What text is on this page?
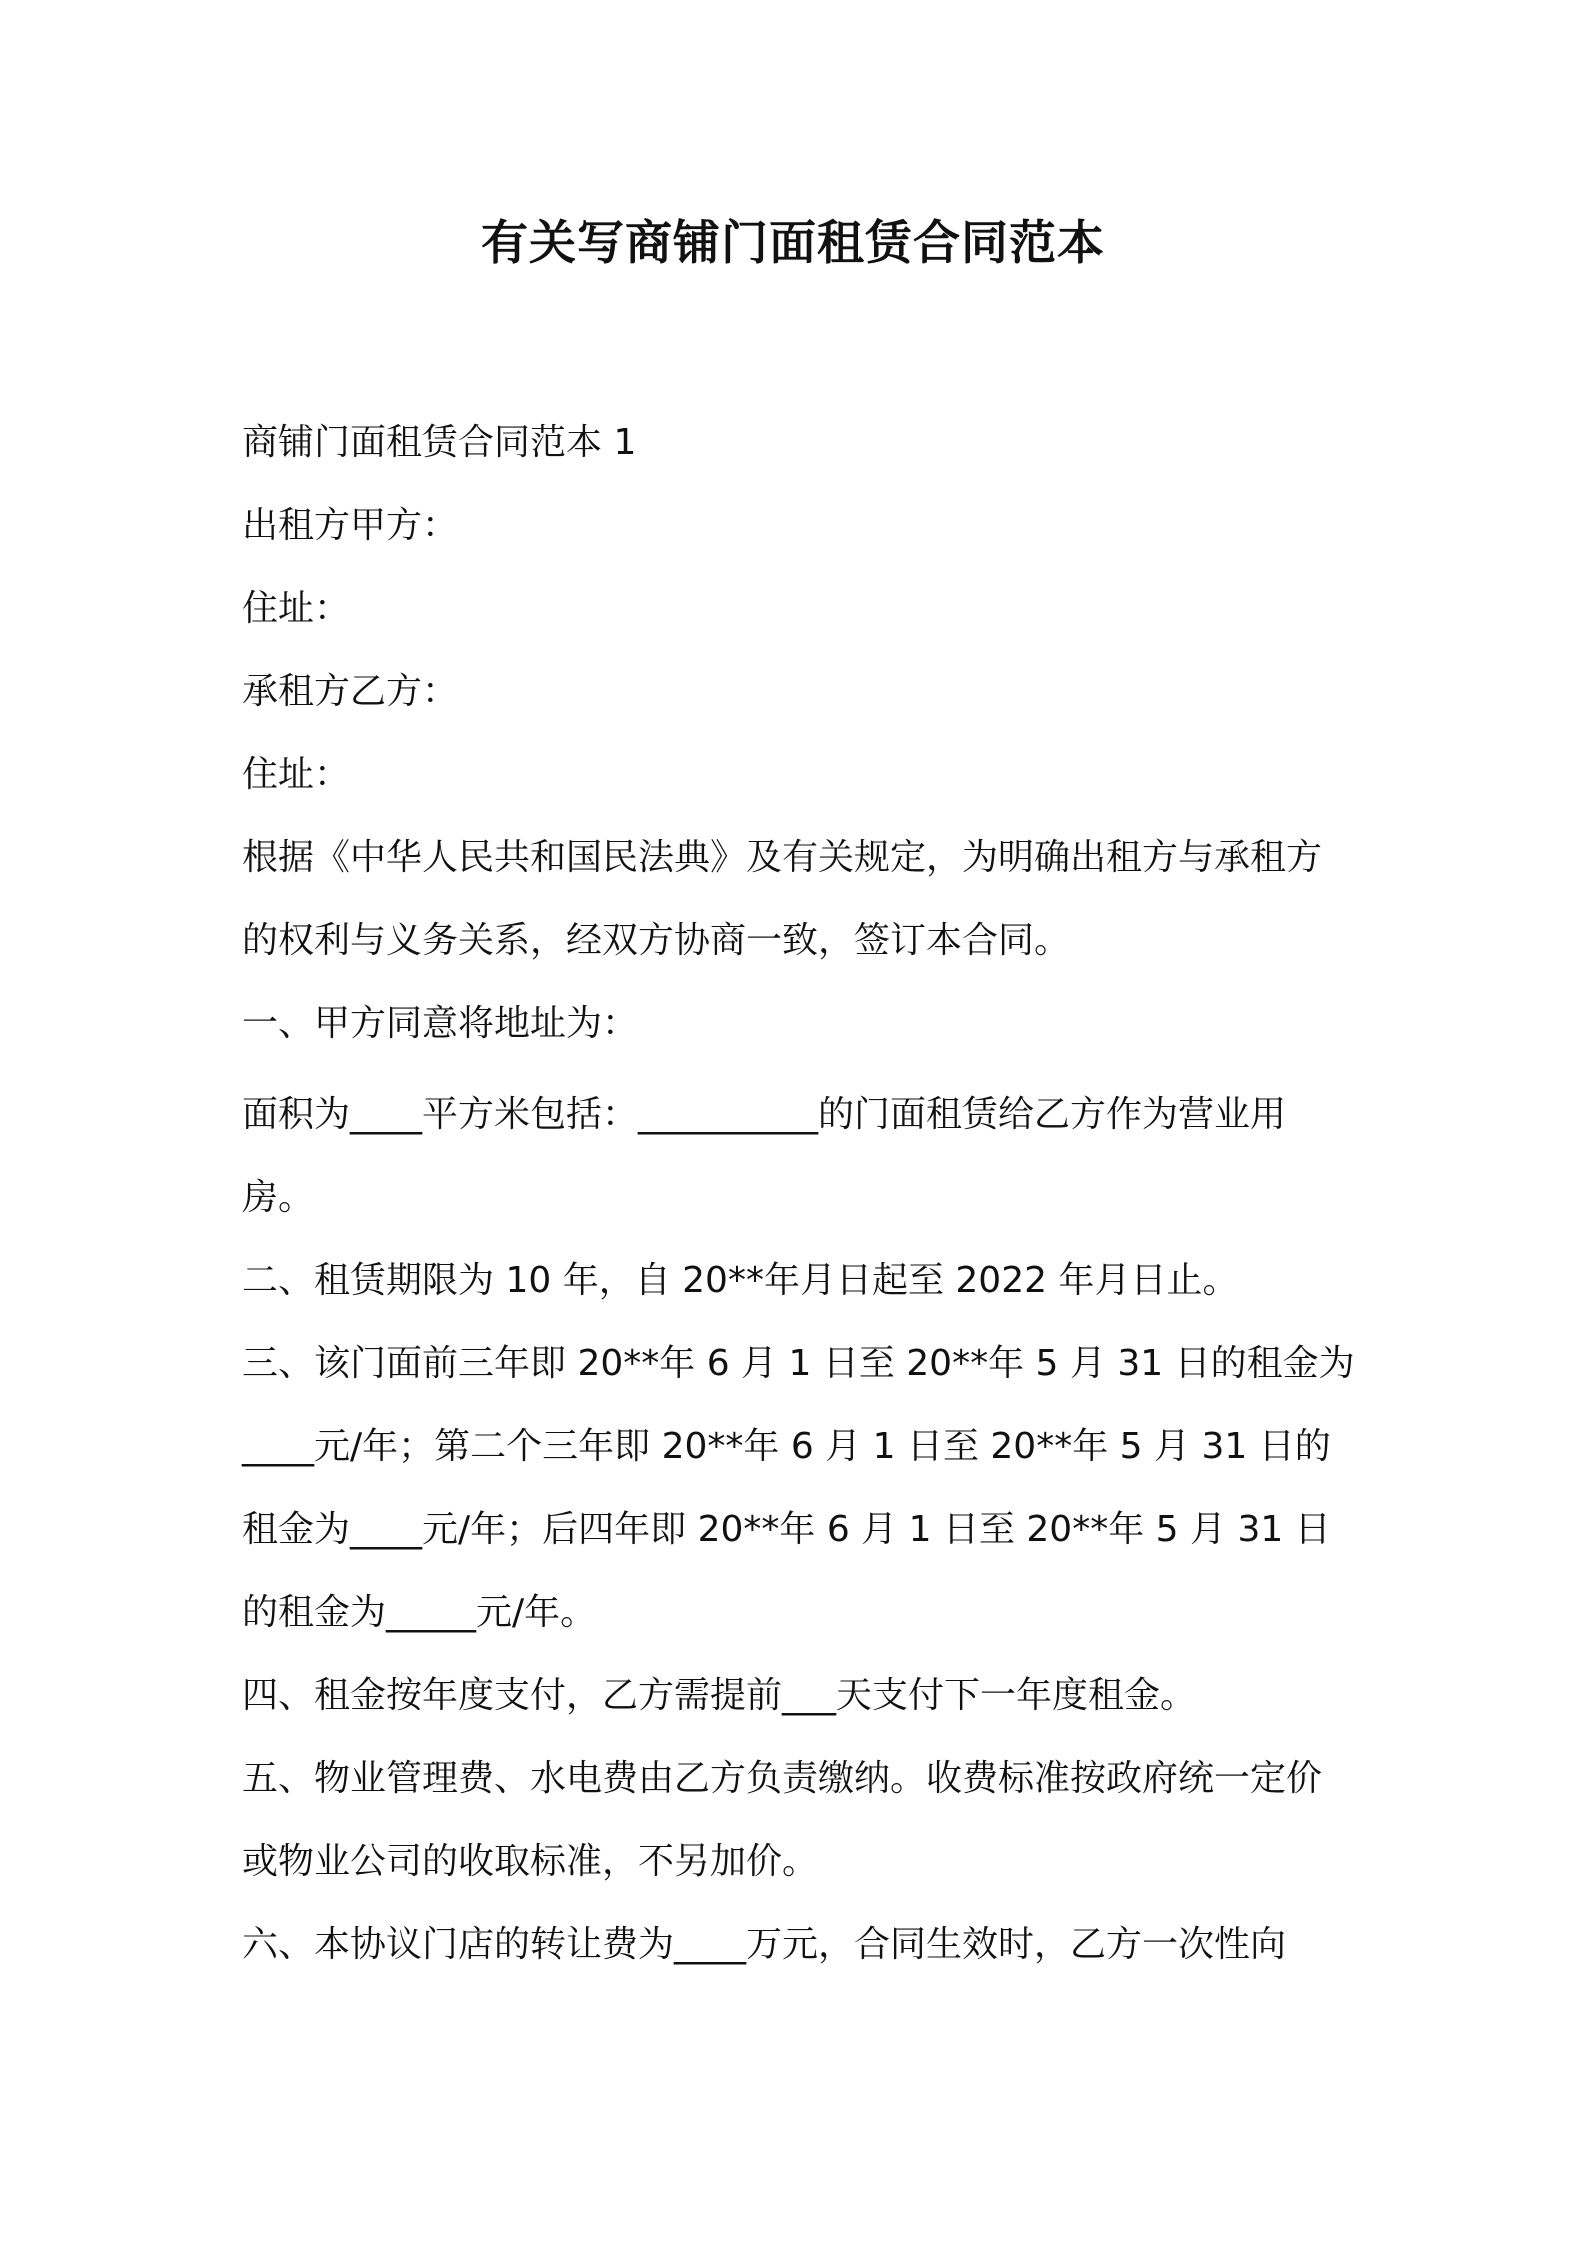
有关写商铺门面租赁合同范本

商铺门面租赁合同范本 1

出租方甲方：

住址：

承租方乙方：

住址：

根据《中华人民共和国民法典》及有关规定，为明确出租方与承租方

的权利与义务关系，经双方协商一致，签订本合同。

一、甲方同意将地址为：

面积为____平方米包括：__________的门面租赁给乙方作为营业用

房。

二、租赁期限为 10 年，自 20**年月日起至 2022 年月日止。

三、该门面前三年即 20**年 6 月 1 日至 20**年 5 月 31 日的租金为

____元/年；第二个三年即 20**年 6 月 1 日至 20**年 5 月 31 日的

租金为____元/年；后四年即 20**年 6 月 1 日至 20**年 5 月 31 日

的租金为_____元/年。

四、租金按年度支付，乙方需提前___天支付下一年度租金。

五、物业管理费、水电费由乙方负责缴纳。收费标准按政府统一定价

或物业公司的收取标准，不另加价。

六、本协议门店的转让费为____万元，合同生效时，乙方一次性向
